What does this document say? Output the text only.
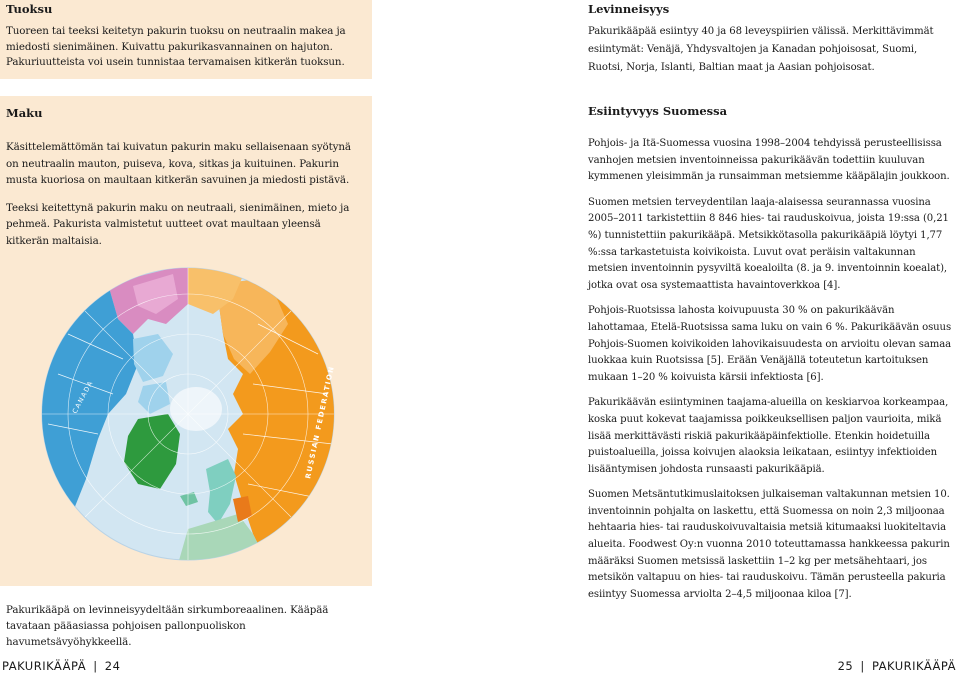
Tuoksu

Tuoreen tai teeksi keitetyn pakurin tuoksu on neutraalin makea ja miedosti sienimäinen. Kuivattu pakurikasvannainen on hajuton. Pakuriuutteista voi usein tunnistaa tervamaisen kitkerän tuoksun.

Maku

Käsittelemättömän tai kuivatun pakurin maku sellaisenaan syötynä on neutraalin mauton, puiseva, kova, sitkas ja kuituinen. Pakurin musta kuoriosa on maultaan kitkerän savuinen ja miedosti pistävä.

Teeksi keitettynä pakurin maku on neutraali, sienimäinen, mieto ja pehmeä. Pakurista valmistetut uutteet ovat maultaan yleensä kitkerän maltaisia.

CANADA	RUSSIAN FEDERATION

Pakurikääpä on levinneisyydeltään sirkumboreaalinen. Kääpää tavataan pääasiassa pohjoisen pallonpuoliskon havumetsävyöhykkeellä.

PAKURIKÄÄPÄ | 24

Levinneisyys

Pakurikääpää esiintyy 40 ja 68 leveyspiirien välissä. Merkittävimmät esiintymät: Venäjä, Yhdysvaltojen ja Kanadan pohjoisosat, Suomi, Ruotsi, Norja, Islanti, Baltian maat ja Aasian pohjoisosat.

Esiintyvyys Suomessa

Pohjois- ja Itä-Suomessa vuosina 1998–2004 tehdyissä perusteellisissa vanhojen metsien inventoinneissa pakurikäävän todettiin kuuluvan kymmenen yleisimmän ja runsaimman metsiemme kääpälajin joukkoon.

Suomen metsien terveydentilan laaja-alaisessa seurannassa vuosina 2005–2011 tarkistettiin 8 846 hies- tai rauduskoivua, joista 19:ssa (0,21 %) tunnistettiin pakurikääpä. Metsikkötasolla pakurikääpiä löytyi 1,77 %:ssa tarkastetuista koivikoista. Luvut ovat peräisin valtakunnan metsien inventoinnin pysyviltä koealoilta (8. ja 9. inventoinnin koealat), jotka ovat osa systemaattista havaintoverkkoa [4].

Pohjois-Ruotsissa lahosta koivupuusta 30 % on pakurikäävän lahottamaa, Etelä-Ruotsissa sama luku on vain 6 %. Pakurikäävän osuus Pohjois-Suomen koivikoiden lahovikaisuudesta on arvioitu olevan samaa luokkaa kuin Ruotsissa [5]. Erään Venäjällä toteutetun kartoituksen mukaan 1–20 % koivuista kärsii infektiosta [6].

Pakurikäävän esiintyminen taajama-alueilla on keskiarvoa korkeampaa, koska puut kokevat taajamissa poikkeuksellisen paljon vaurioita, mikä lisää merkittävästi riskiä pakurikääpäinfektiolle. Etenkin hoidetuilla puistoalueilla, joissa koivujen alaoksia leikataan, esiintyy infektioiden lisääntymisen johdosta runsaasti pakurikääpiä.

Suomen Metsäntutkimuslaitoksen julkaiseman valtakunnan metsien 10. inventoinnin pohjalta on laskettu, että Suomessa on noin 2,3 miljoonaa hehtaaria hies- tai rauduskoivuvaltaisia metsiä kitumaaksi luokiteltavia alueita. Foodwest Oy:n vuonna 2010 toteuttamassa hankkeessa pakurin määräksi Suomen metsissä laskettiin 1–2 kg per metsähehtaari, jos metsikön valtapuu on hies- tai rauduskoivu. Tämän perusteella pakuria esiintyy Suomessa arviolta 2–4,5 miljoonaa kiloa [7].

25 | PAKURIKÄÄPÄ
